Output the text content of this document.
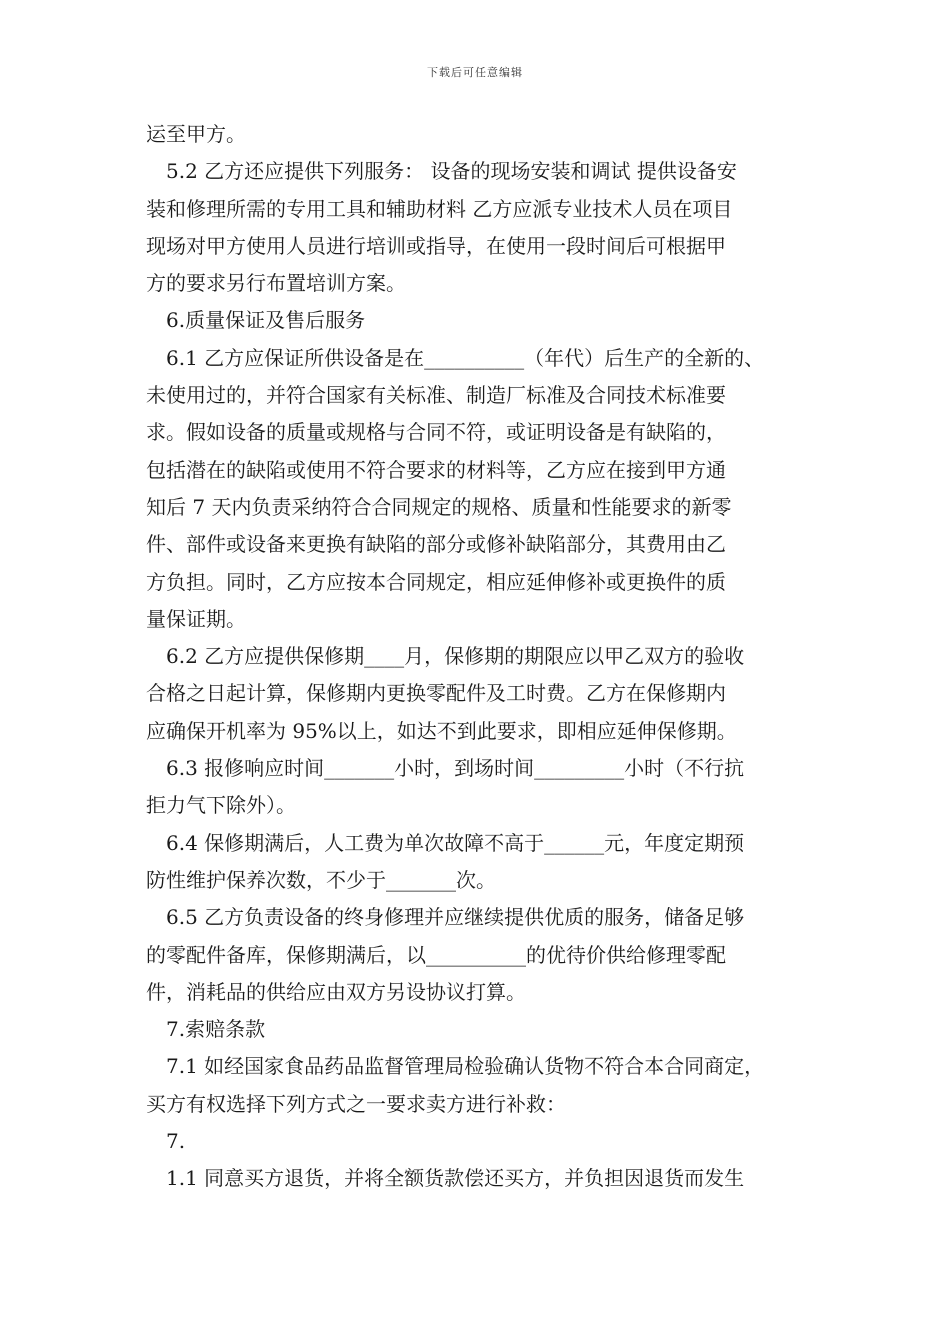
下载后可任意编辑
运至甲方。
5.2 乙方还应提供下列服务： 设备的现场安装和调试 提供设备安
装和修理所需的专用工具和辅助材料 乙方应派专业技术人员在项目
现场对甲方使用人员进行培训或指导，在使用一段时间后可根据甲
方的要求另行布置培训方案。
6.质量保证及售后服务
6.1 乙方应保证所供设备是在__________（年代）后生产的全新的、
未使用过的，并符合国家有关标准、制造厂标准及合同技术标准要
求。假如设备的质量或规格与合同不符，或证明设备是有缺陷的，
包括潜在的缺陷或使用不符合要求的材料等，乙方应在接到甲方通
知后 7 天内负责采纳符合合同规定的规格、质量和性能要求的新零
件、部件或设备来更换有缺陷的部分或修补缺陷部分，其费用由乙
方负担。同时，乙方应按本合同规定，相应延伸修补或更换件的质
量保证期。
6.2 乙方应提供保修期____月，保修期的期限应以甲乙双方的验收
合格之日起计算，保修期内更换零配件及工时费。乙方在保修期内
应确保开机率为 95%以上，如达不到此要求，即相应延伸保修期。
6.3 报修响应时间_______小时，到场时间_________小时（不行抗
拒力气下除外）。
6.4 保修期满后，人工费为单次故障不高于______元，年度定期预
防性维护保养次数，不少于_______次。
6.5 乙方负责设备的终身修理并应继续提供优质的服务，储备足够
的零配件备库，保修期满后，以__________的优待价供给修理零配
件，消耗品的供给应由双方另设协议打算。
7.索赔条款
7.1 如经国家食品药品监督管理局检验确认货物不符合本合同商定，
买方有权选择下列方式之一要求卖方进行补救：
7.
1.1 同意买方退货，并将全额货款偿还买方，并负担因退货而发生
